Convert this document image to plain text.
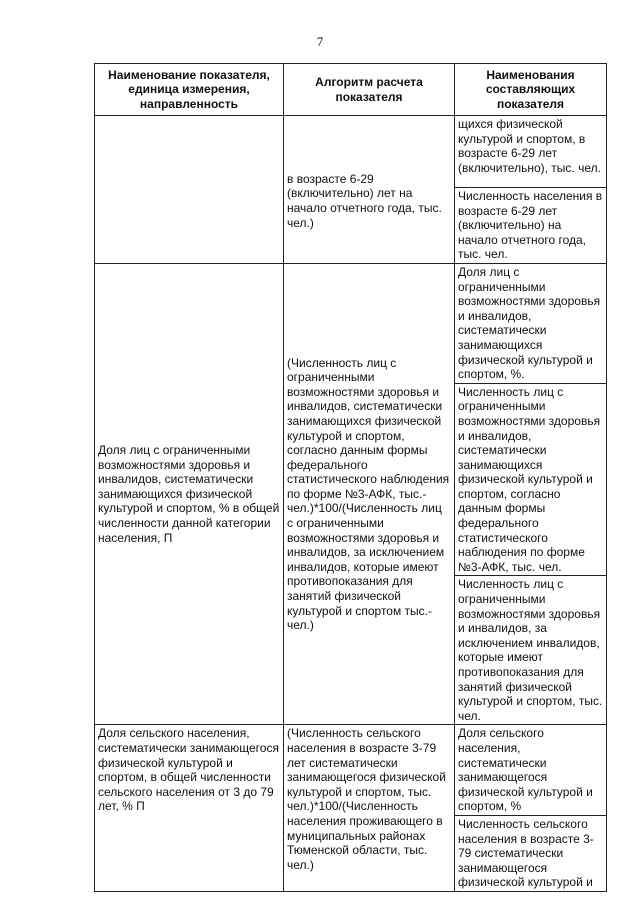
7
Наименование показателя, единица измерения, направленность	Алгоритм расчета показателя	Наименования составляющих показателя
	в возрасте 6-29 (включительно) лет на начало отчетного года, тыс. чел.)	щихся физической культурой и спортом, в возрасте 6-29 лет (включительно), тыс. чел.
		Численность населения в возрасте 6-29 лет (включительно) на начало отчетного года, тыс. чел.
Доля лиц с ограниченными возможностями здоровья и инвалидов, систематически занимающихся физической культурой и спортом, % в общей численности данной категории населения, П	(Численность лиц с ограниченными возможностями здоровья и инвалидов, систематически занимающихся физической культурой и спортом, согласно данным формы федерального статистического наблюдения по форме №3-АФК, тыс.-чел.)*100/(Численность лиц с ограниченными возможностями здоровья и инвалидов, за исключением инвалидов, которые имеют противопоказания для занятий физической культурой и спортом тыс.-чел.)	Доля лиц с ограниченными возможностями здоровья и инвалидов, систематически занимающихся физической культурой и спортом, %.
		Численность лиц с ограниченными возможностями здоровья и инвалидов, систематически занимающихся физической культурой и спортом, согласно данным формы федерального статистического наблюдения по форме №3-АФК, тыс. чел.
		Численность лиц с ограниченными возможностями здоровья и инвалидов, за исключением инвалидов, которые имеют противопоказания для занятий физической культурой и спортом, тыс. чел.
Доля сельского населения, систематически занимающегося физической культурой и спортом, в общей численности сельского населения от 3 до 79 лет, % П	(Численность сельского населения в возрасте 3-79 лет систематически занимающегося физической культурой и спортом, тыс. чел.)*100/(Численность населения проживающего в муниципальных районах Тюменской области, тыс. чел.)	Доля сельского населения, систематически занимающегося физической культурой и спортом, %
		Численность сельского населения в возрасте 3-79 систематически занимающегося физической культурой и
